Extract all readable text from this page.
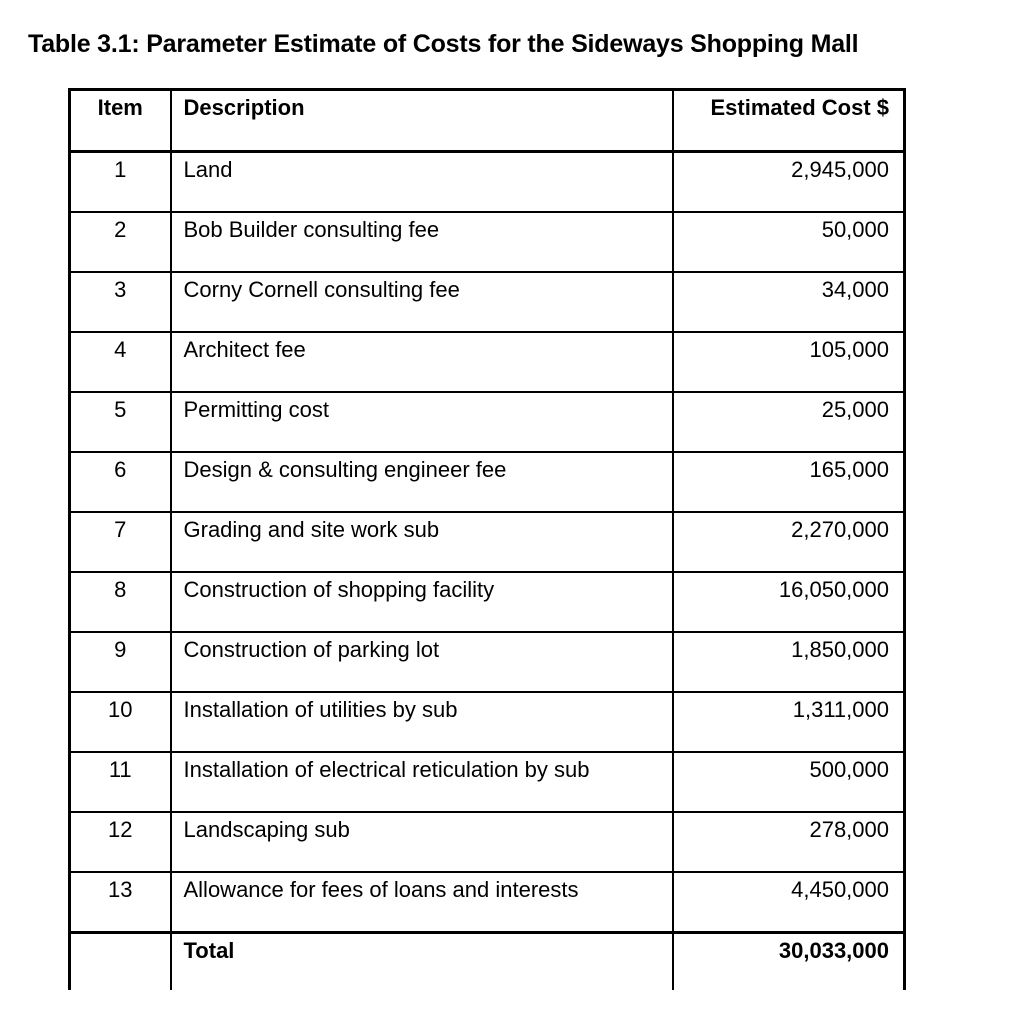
Table 3.1: Parameter Estimate of Costs for the Sideways Shopping Mall
Item	Description	Estimated Cost $
1	Land	2,945,000
2	Bob Builder consulting fee	50,000
3	Corny Cornell consulting fee	34,000
4	Architect fee	105,000
5	Permitting cost	25,000
6	Design & consulting engineer fee	165,000
7	Grading and site work sub	2,270,000
8	Construction of shopping facility	16,050,000
9	Construction of parking lot	1,850,000
10	Installation of utilities by sub	1,311,000
11	Installation of electrical reticulation by sub	500,000
12	Landscaping sub	278,000
13	Allowance for fees of loans and interests	4,450,000
	Total	30,033,000
